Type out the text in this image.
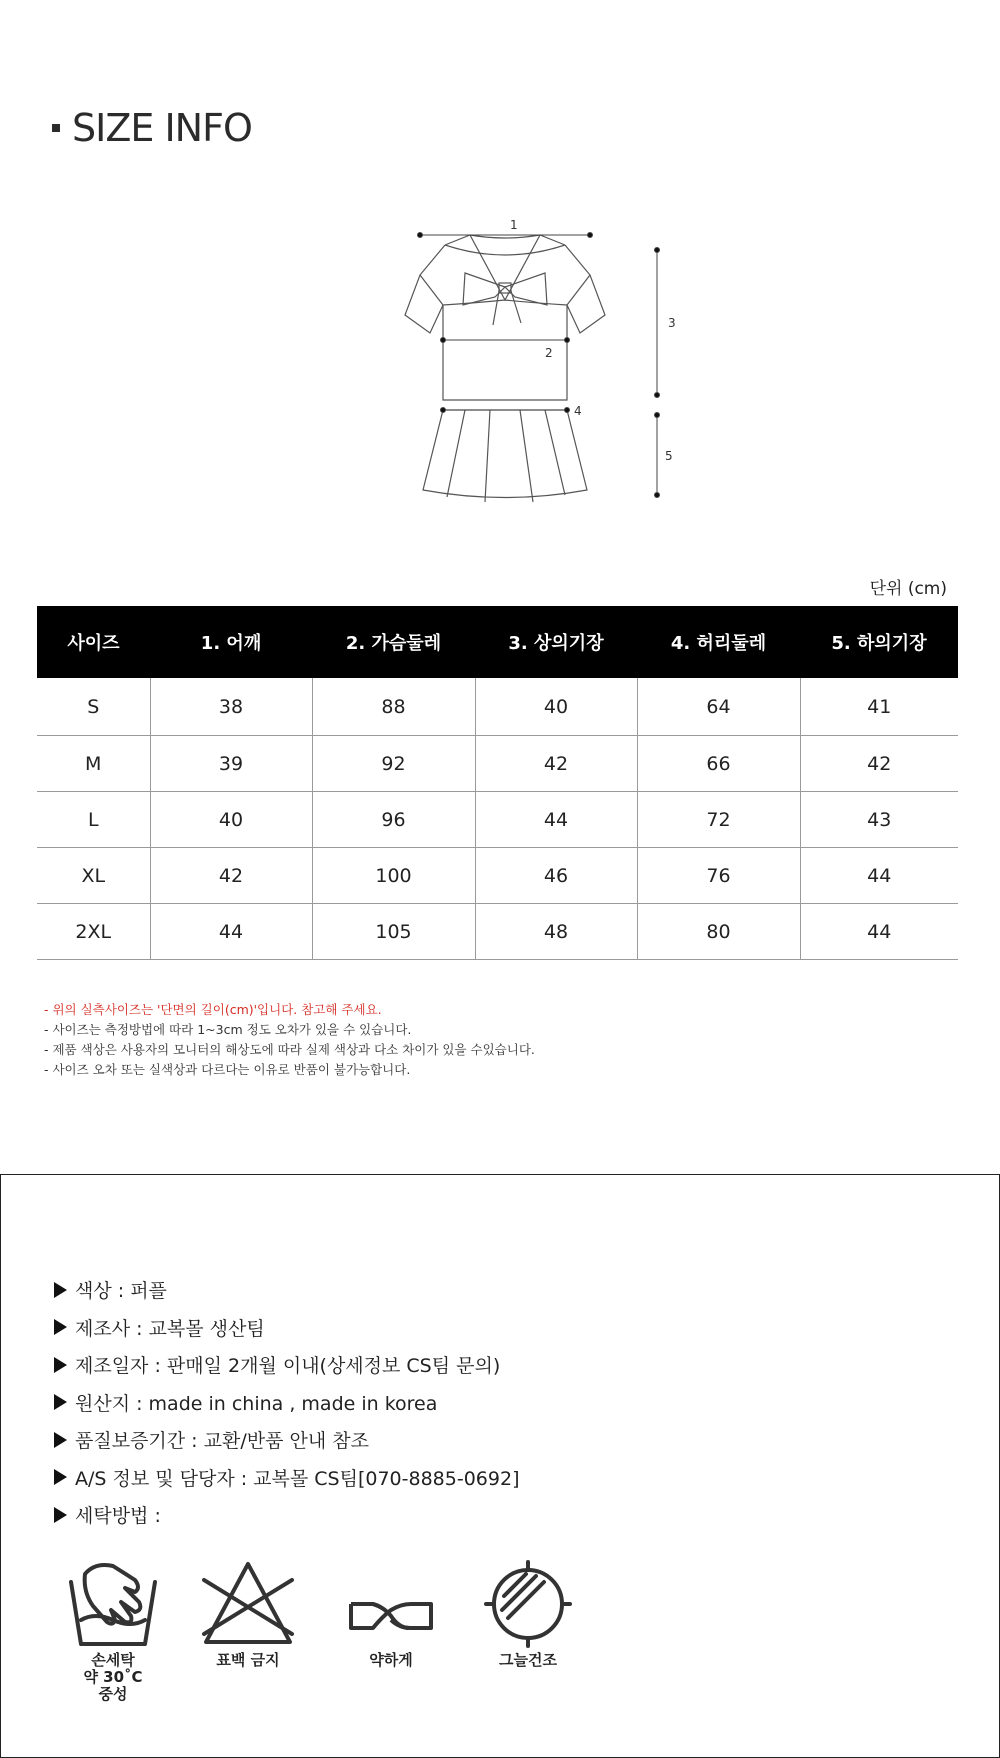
SIZE INFO
1
2
3
4
5
단위 (cm)
사이즈	1. 어깨	2. 가슴둘레	3. 상의기장	4. 허리둘레	5. 하의기장
S	38	88	40	64	41
M	39	92	42	66	42
L	40	96	44	72	43
XL	42	100	46	76	44
2XL	44	105	48	80	44
- 위의 실측사이즈는 '단면의 길이(cm)'입니다. 참고해 주세요.
- 사이즈는 측정방법에 따라 1~3cm 정도 오차가 있을 수 있습니다.
- 제품 색상은 사용자의 모니터의 해상도에 따라 실제 색상과 다소 차이가 있을 수있습니다.
- 사이즈 오차 또는 실색상과 다르다는 이유로 반품이 불가능합니다.
색상 : 퍼플
제조사 : 교복몰 생산팀
제조일자 : 판매일 2개월 이내(상세정보 CS팀 문의)
원산지 : made in china , made in korea
품질보증기간 : 교환/반품 안내 참조
A/S 정보 및 담당자 : 교복몰 CS팀[070-8885-0692]
세탁방법 :
손세탁
약 30˚C
중성
표백 금지	약하게	그늘건조
